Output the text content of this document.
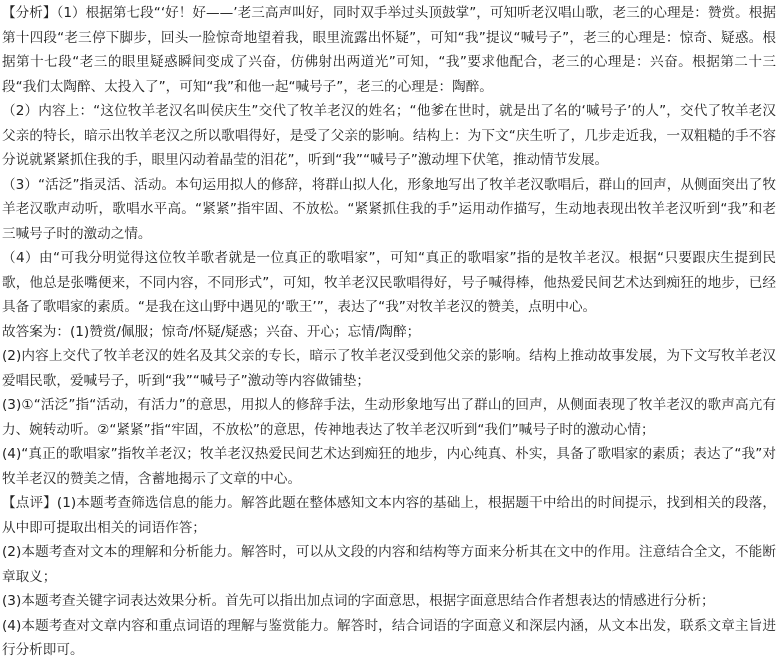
【分析】（1）根据第七段“‘好！好——’老三高声叫好，同时双手举过头顶鼓掌”，可知听老汉唱山歌，老三的心理是：赞赏。根据第十四段“老三停下脚步，回头一脸惊奇地望着我，眼里流露出怀疑”，可知“我”提议“喊号子”，老三的心理是：惊奇、疑惑。根据第十七段“老三的眼里疑惑瞬间变成了兴奋，仿佛射出两道光”可知，“我”要求他配合，老三的心理是：兴奋。根据第二十三段“我们太陶醉、太投入了”，可知“我”和他一起“喊号子”，老三的心理是：陶醉。

（2）内容上：“这位牧羊老汉名叫侯庆生”交代了牧羊老汉的姓名；“他爹在世时，就是出了名的‘喊号子’的人”，交代了牧羊老汉父亲的特长，暗示出牧羊老汉之所以歌唱得好，是受了父亲的影响。结构上：为下文“庆生听了，几步走近我，一双粗糙的手不容分说就紧紧抓住我的手，眼里闪动着晶莹的泪花”，听到“我”“喊号子”激动埋下伏笔，推动情节发展。

（3）“活泛”指灵活、活动。本句运用拟人的修辞，将群山拟人化，形象地写出了牧羊老汉歌唱后，群山的回声，从侧面突出了牧羊老汉歌声动听，歌唱水平高。“紧紧”指牢固、不放松。“紧紧抓住我的手”运用动作描写，生动地表现出牧羊老汉听到“我”和老三喊号子时的激动之情。

（4）由“可我分明觉得这位牧羊歌者就是一位真正的歌唱家”，可知“真正的歌唱家”指的是牧羊老汉。根据“只要跟庆生提到民歌，他总是张嘴便来，不同内容，不同形式”，可知，牧羊老汉民歌唱得好，号子喊得棒，他热爱民间艺术达到痴狂的地步，已经具备了歌唱家的素质。“是我在这山野中遇见的‘歌王’”，表达了“我”对牧羊老汉的赞美，点明中心。

故答案为：(1)赞赏/佩服；惊奇/怀疑/疑惑；兴奋、开心；忘情/陶醉；

(2)内容上交代了牧羊老汉的姓名及其父亲的专长，暗示了牧羊老汉受到他父亲的影响。结构上推动故事发展，为下文写牧羊老汉爱唱民歌，爱喊号子，听到“我”“喊号子”激动等内容做铺垫；

(3)①“活泛”指“活动，有活力”的意思，用拟人的修辞手法，生动形象地写出了群山的回声，从侧面表现了牧羊老汉的歌声高亢有力、婉转动听。②“紧紧”指“牢固，不放松”的意思，传神地表达了牧羊老汉听到“我们”喊号子时的激动心情；

(4)“真正的歌唱家”指牧羊老汉；牧羊老汉热爱民间艺术达到痴狂的地步，内心纯真、朴实，具备了歌唱家的素质；表达了“我”对牧羊老汉的赞美之情，含蓄地揭示了文章的中心。

【点评】(1)本题考查筛选信息的能力。解答此题在整体感知文本内容的基础上，根据题干中给出的时间提示，找到相关的段落，从中即可提取出相关的词语作答；

(2)本题考查对文本的理解和分析能力。解答时，可以从文段的内容和结构等方面来分析其在文中的作用。注意结合全文，不能断章取义；

(3)本题考查关键字词表达效果分析。首先可以指出加点词的字面意思，根据字面意思结合作者想表达的情感进行分析；

(4)本题考查对文章内容和重点词语的理解与鉴赏能力。解答时，结合词语的字面意义和深层内涵，从文本出发，联系文章主旨进行分析即可。
